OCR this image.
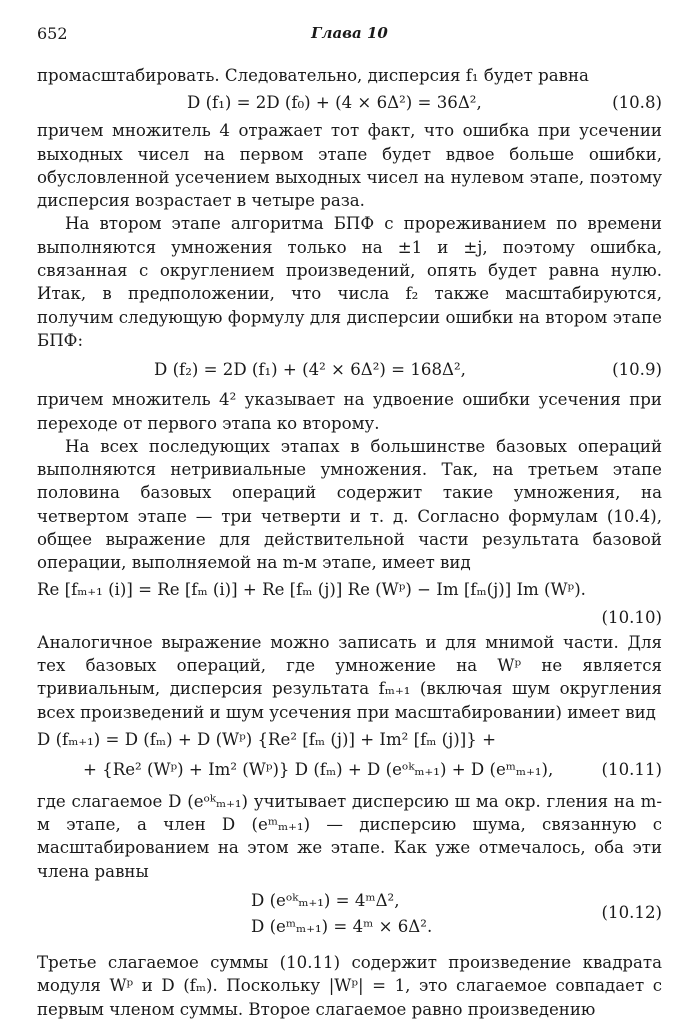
652	Глава 10

промасштабировать. Следовательно, дисперсия f₁ будет равна

D (f₁) = 2D (f₀) + (4 × 6Δ²) = 36Δ²,	(10.8)

причем множитель 4 отражает тот факт, что ошибка при усечении выходных чисел на первом этапе будет вдвое больше ошибки, обусловленной усечением выходных чисел на нулевом этапе, поэтому дисперсия возрастает в четыре раза.

На втором этапе алгоритма БПФ с прореживанием по времени выполняются умножения только на ±1 и ±j, поэтому ошибка, связанная с округлением произведений, опять будет равна нулю. Итак, в предположении, что числа f₂ также масштабируются, получим следующую формулу для дисперсии ошибки на втором этапе БПФ:

D (f₂) = 2D (f₁) + (4² × 6Δ²) = 168Δ²,	(10.9)

причем множитель 4² указывает на удвоение ошибки усечения при переходе от первого этапа ко второму.

На всех последующих этапах в большинстве базовых операций выполняются нетривиальные умножения. Так, на третьем этапе половина базовых операций содержит такие умножения, на четвертом этапе — три четверти и т. д. Согласно формулам (10.4), общее выражение для действительной части результата базовой операции, выполняемой на m-м этапе, имеет вид

Re [fₘ₊₁ (i)] = Re [fₘ (i)] + Re [fₘ (j)] Re (Wᵖ) − Im [fₘ(j)] Im (Wᵖ).
(10.10)

Аналогичное выражение можно записать и для мнимой части. Для тех базовых операций, где умножение на Wᵖ не является тривиальным, дисперсия результата fₘ₊₁ (включая шум округления всех произведений и шум усечения при масштабировании) имеет вид

D (fₘ₊₁) = D (fₘ) + D (Wᵖ) {Re² [fₘ (j)] + Im² [fₘ (j)]} +
+ {Re² (Wᵖ) + Im² (Wᵖ)} D (fₘ) + D (eᵒᵏₘ₊₁) + D (eᵐₘ₊₁),	(10.11)

где слагаемое D (eᵒᵏₘ₊₁) учитывает дисперсию ш ма окр. гления на m-м этапе, а член D (eᵐₘ₊₁) — дисперсию шума, связанную с масштабированием на этом же этапе. Как уже отмечалось, оба эти члена равны

D (eᵒᵏₘ₊₁) = 4ᵐΔ²,
D (eᵐₘ₊₁) = 4ᵐ × 6Δ².
(10.12)

Третье слагаемое суммы (10.11) содержит произведение квадрата модуля Wᵖ и D (fₘ). Поскольку |Wᵖ| = 1, это слагаемое совпадает с первым членом суммы. Второе слагаемое равно произведению
